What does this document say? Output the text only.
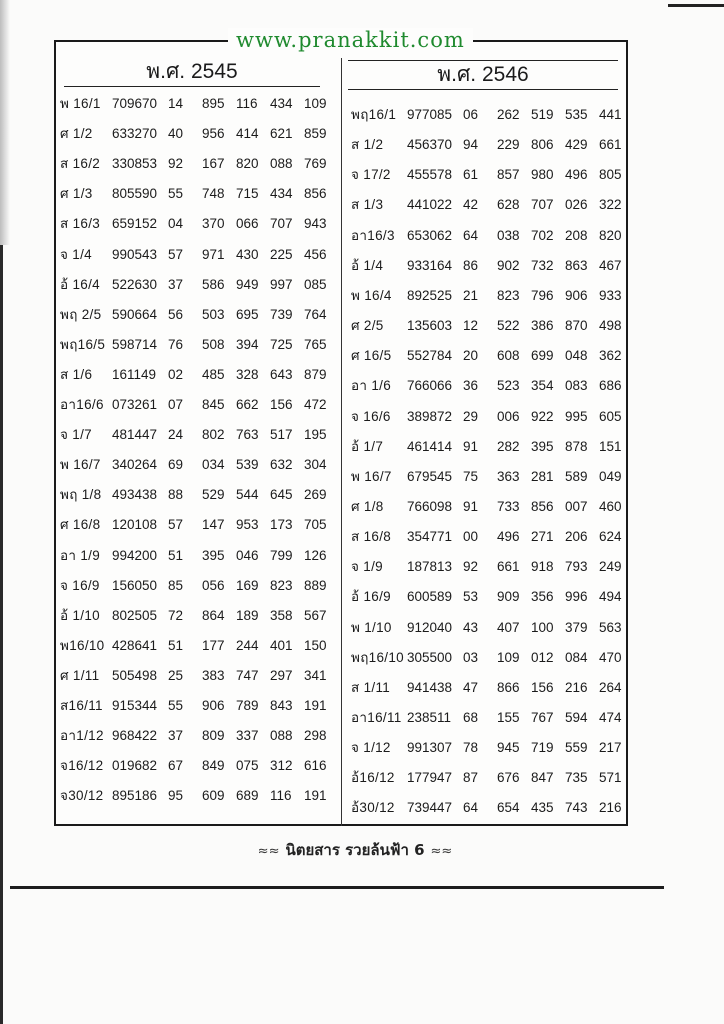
www.pranakkit.com
พ.ศ. 2545	พ.ศ. 2546
พ 16/1 709670 14	895 116 434 109
ศ 1/2	633270 40	956 414 621 859
ส 16/2 330853 92	167 820 088 769
ศ 1/3	805590 55	748 715 434 856
ส 16/3 659152 04	370 066 707 943
จ 1/4	990543 57	971 430 225 456
อ้ 16/4 522630 37	586 949 997 085
พฤ 2/5 590664 56	503 695 739 764
พฤ16/5 598714 76	508 394 725 765
ส 1/6	161149 02	485 328 643 879
อา16/6 073261 07	845 662 156 472
จ 1/7	481447 24	802 763 517 195
พ 16/7 340264 69	034 539 632 304
พฤ 1/8 493438 88	529 544 645 269
ศ 16/8 120108 57	147 953 173 705
อา 1/9 994200 51	395 046 799 126
จ 16/9 156050 85	056 169 823 889
อ้ 1/10 802505 72	864 189 358 567
พ16/10 428641 51	177 244 401 150
ศ 1/11 505498 25	383 747 297 341
ส16/11 915344 55	906 789 843 191
อา1/12 968422 37	809 337 088 298
จ16/12 019682 67	849 075 312 616
จ30/12 895186 95	609 689 116 191
พฤ16/1 977085 06	262 519 535 441
ส 1/2	456370 94	229 806 429 661
จ 17/2	455578 61	857 980 496 805
ส 1/3	441022 42	628 707 026 322
อา16/3 653062 64	038 702 208 820
อ้ 1/4	933164 86	902 732 863 467
พ 16/4	892525 21	823 796 906 933
ศ 2/5	135603 12	522 386 870 498
ศ 16/5	552784 20	608 699 048 362
อา 1/6	766066 36	523 354 083 686
จ 16/6	389872 29	006 922 995 605
อ้ 1/7	461414 91	282 395 878 151
พ 16/7	679545 75	363 281 589 049
ศ 1/8	766098 91	733 856 007 460
ส 16/8	354771 00	496 271 206 624
จ 1/9	187813 92	661 918 793 249
อ้ 16/9	600589 53	909 356 996 494
พ 1/10	912040 43	407 100 379 563
พฤ16/10 305500 03	109 012 084 470
ส 1/11	941438 47	866 156 216 264
อา16/11 238511 68	155 767 594 474
จ 1/12	991307 78	945 719 559 217
อ้16/12 177947 87	676 847 735 571
อ้30/12 739447 64	654 435 743 216
≈≈ นิตยสาร รวยล้นฟ้า 6 ≈≈
